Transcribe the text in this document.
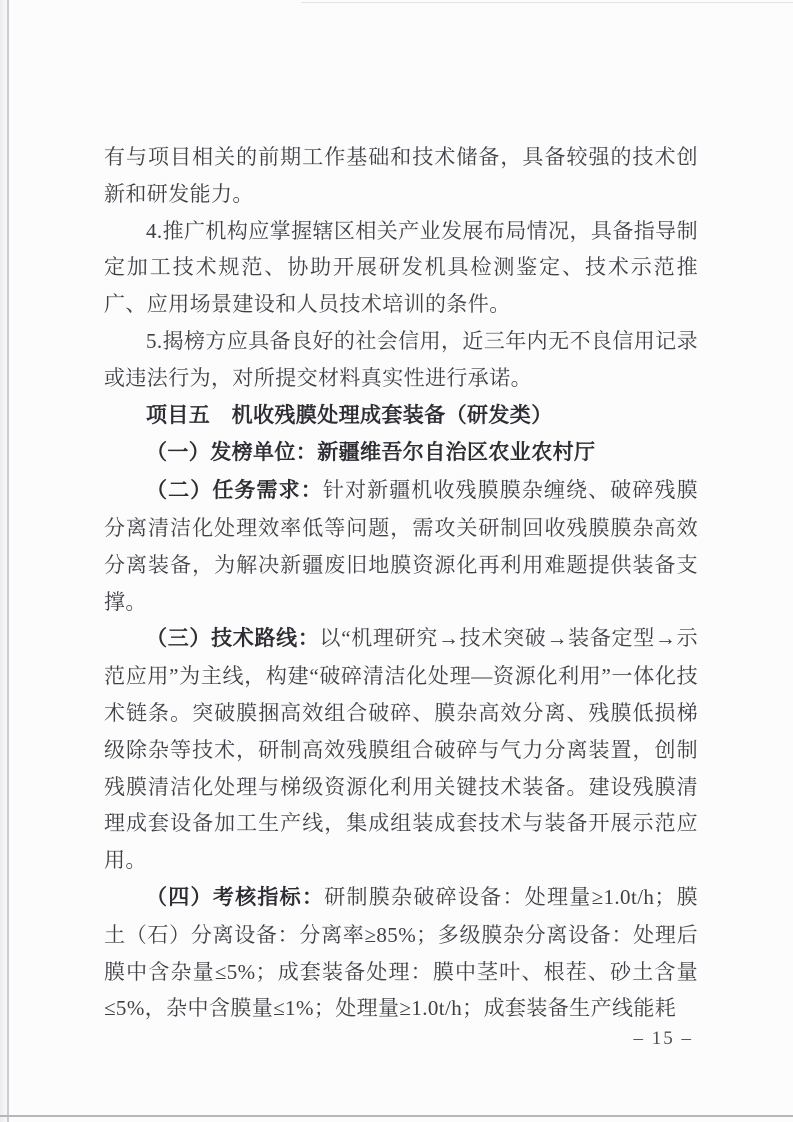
有与项目相关的前期工作基础和技术储备，具备较强的技术创新和研发能力。

4.推广机构应掌握辖区相关产业发展布局情况，具备指导制定加工技术规范、协助开展研发机具检测鉴定、技术示范推广、应用场景建设和人员技术培训的条件。

5.揭榜方应具备良好的社会信用，近三年内无不良信用记录或违法行为，对所提交材料真实性进行承诺。

项目五　机收残膜处理成套装备（研发类）

（一）发榜单位：新疆维吾尔自治区农业农村厅

（二）任务需求：针对新疆机收残膜膜杂缠绕、破碎残膜分离清洁化处理效率低等问题，需攻关研制回收残膜膜杂高效分离装备，为解决新疆废旧地膜资源化再利用难题提供装备支撑。

（三）技术路线：以“机理研究→技术突破→装备定型→示范应用”为主线，构建“破碎清洁化处理—资源化利用”一体化技术链条。突破膜捆高效组合破碎、膜杂高效分离、残膜低损梯级除杂等技术，研制高效残膜组合破碎与气力分离装置，创制残膜清洁化处理与梯级资源化利用关键技术装备。建设残膜清理成套设备加工生产线，集成组装成套技术与装备开展示范应用。

（四）考核指标：研制膜杂破碎设备：处理量≥1.0t/h；膜土（石）分离设备：分离率≥85%；多级膜杂分离设备：处理后膜中含杂量≤5%；成套装备处理：膜中茎叶、根茬、砂土含量≤5%，杂中含膜量≤1%；处理量≥1.0t/h；成套装备生产线能耗

– 15 –
